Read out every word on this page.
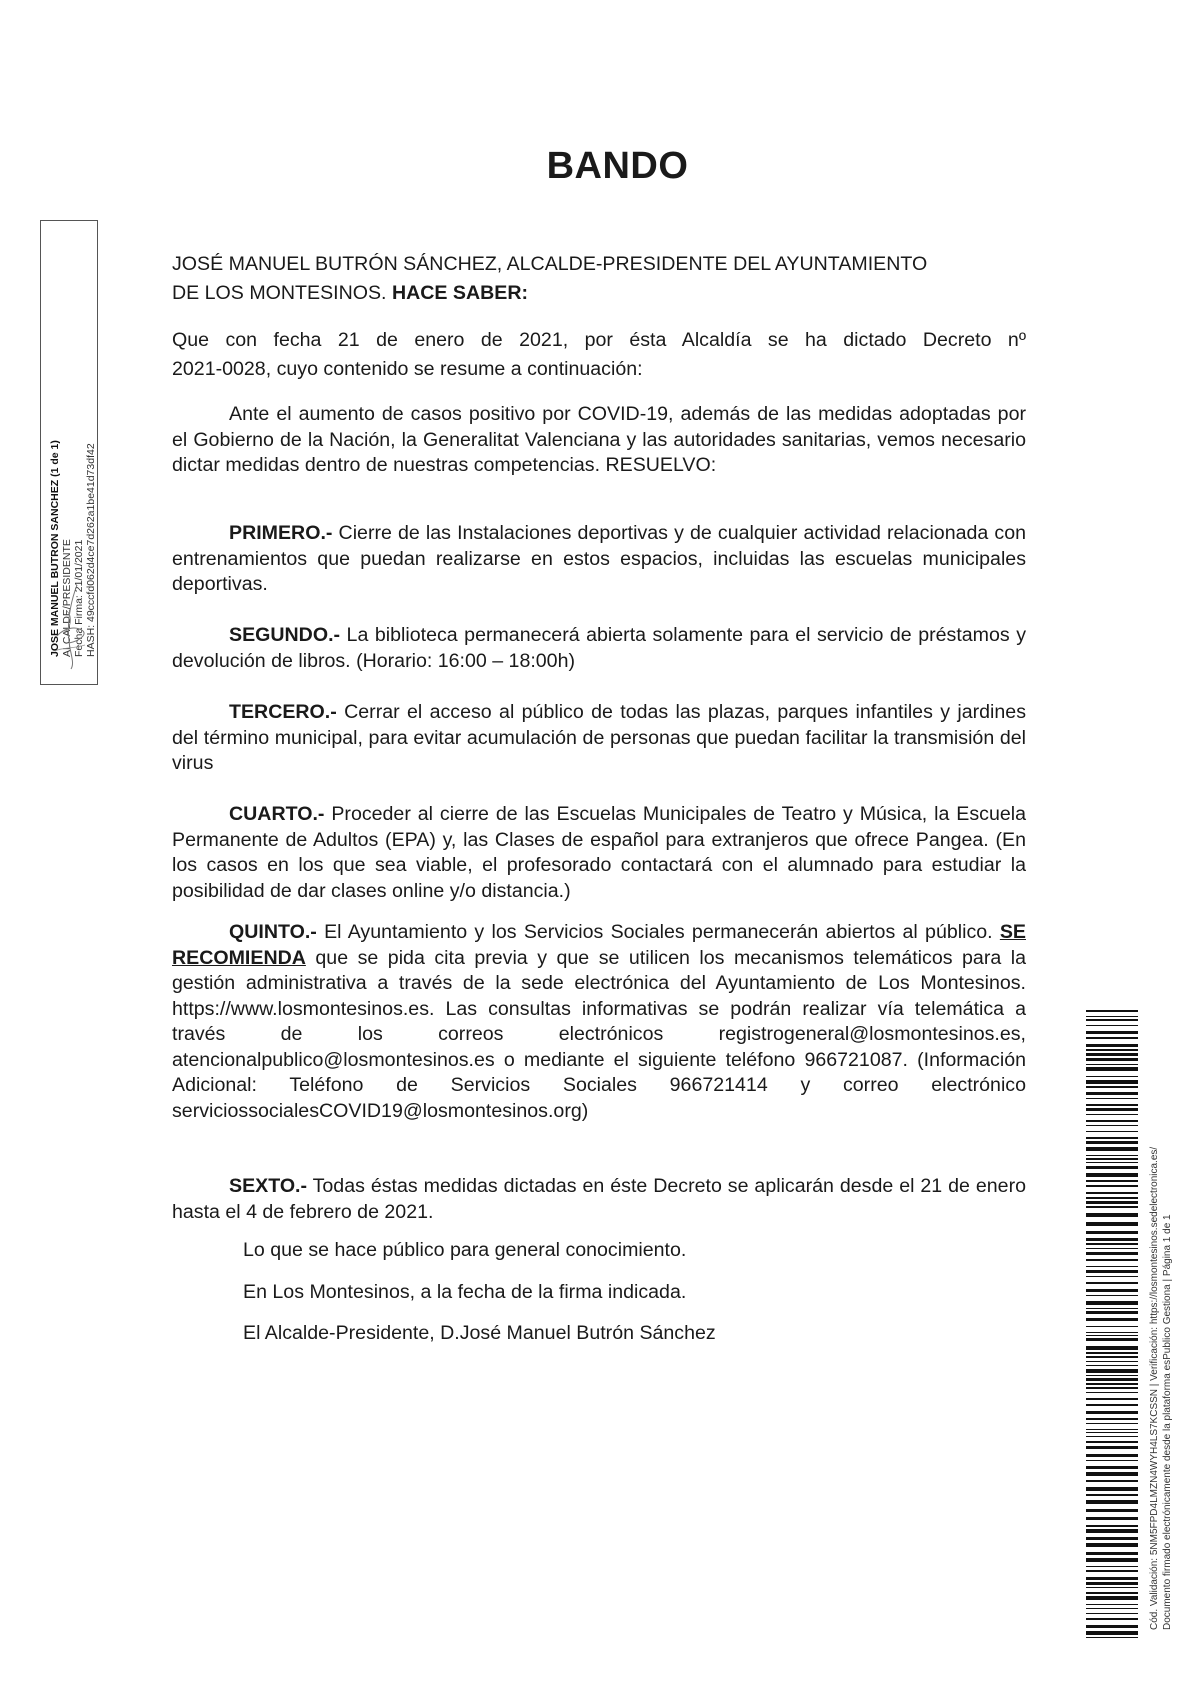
BANDO
JOSE MANUEL BUTRON SANCHEZ (1 de 1) ALCALDE/PRESIDENTE Fecha Firma: 21/01/2021 HASH: 49cccfd062d4ce7d262a1be41d73df42

JOSÉ MANUEL BUTRÓN SÁNCHEZ, ALCALDE-PRESIDENTE DEL AYUNTAMIENTO

DE LOS MONTESINOS. HACE SABER:

Que con fecha 21 de enero de 2021, por ésta Alcaldía se ha dictado Decreto nº

2021-0028, cuyo contenido se resume a continuación:

Ante el aumento de casos positivo por COVID-19, además de las medidas adoptadas por el Gobierno de la Nación, la Generalitat Valenciana y las autoridades sanitarias, vemos necesario dictar medidas dentro de nuestras competencias. RESUELVO:

PRIMERO.- Cierre de las Instalaciones deportivas y de cualquier actividad relacionada con entrenamientos que puedan realizarse en estos espacios, incluidas las escuelas municipales deportivas.

SEGUNDO.- La biblioteca permanecerá abierta solamente para el servicio de préstamos y devolución de libros. (Horario: 16:00 – 18:00h)

TERCERO.- Cerrar el acceso al público de todas las plazas, parques infantiles y jardines del término municipal, para evitar acumulación de personas que puedan facilitar la transmisión del virus

CUARTO.- Proceder al cierre de las Escuelas Municipales de Teatro y Música, la Escuela Permanente de Adultos (EPA) y, las Clases de español para extranjeros que ofrece Pangea. (En los casos en los que sea viable, el profesorado contactará con el alumnado para estudiar la posibilidad de dar clases online y/o distancia.)

QUINTO.- El Ayuntamiento y los Servicios Sociales permanecerán abiertos al público. SE RECOMIENDA que se pida cita previa y que se utilicen los mecanismos telemáticos para la gestión administrativa a través de la sede electrónica del Ayuntamiento de Los Montesinos. https://www.losmontesinos.es. Las consultas informativas se podrán realizar vía telemática a través de los correos electrónicos registrogeneral@losmontesinos.es, atencionalpublico@losmontesinos.es o mediante el siguiente teléfono 966721087. (Información Adicional: Teléfono de Servicios Sociales 966721414 y correo electrónico serviciossocialesCOVID19@losmontesinos.org)

SEXTO.- Todas éstas medidas dictadas en éste Decreto se aplicarán desde el 21 de enero hasta el 4 de febrero de 2021.

Lo que se hace público para general conocimiento.

En Los Montesinos, a la fecha de la firma indicada.

El Alcalde-Presidente, D.José Manuel Butrón Sánchez	Cód. Validación: 5NM5FPD4LMZN4WYH4LS7KCSSN | Verificación: https://losmontesinos.sedelectronica.es/ Documento firmado electrónicamente desde la plataforma esPublico Gestiona | Página 1 de 1
